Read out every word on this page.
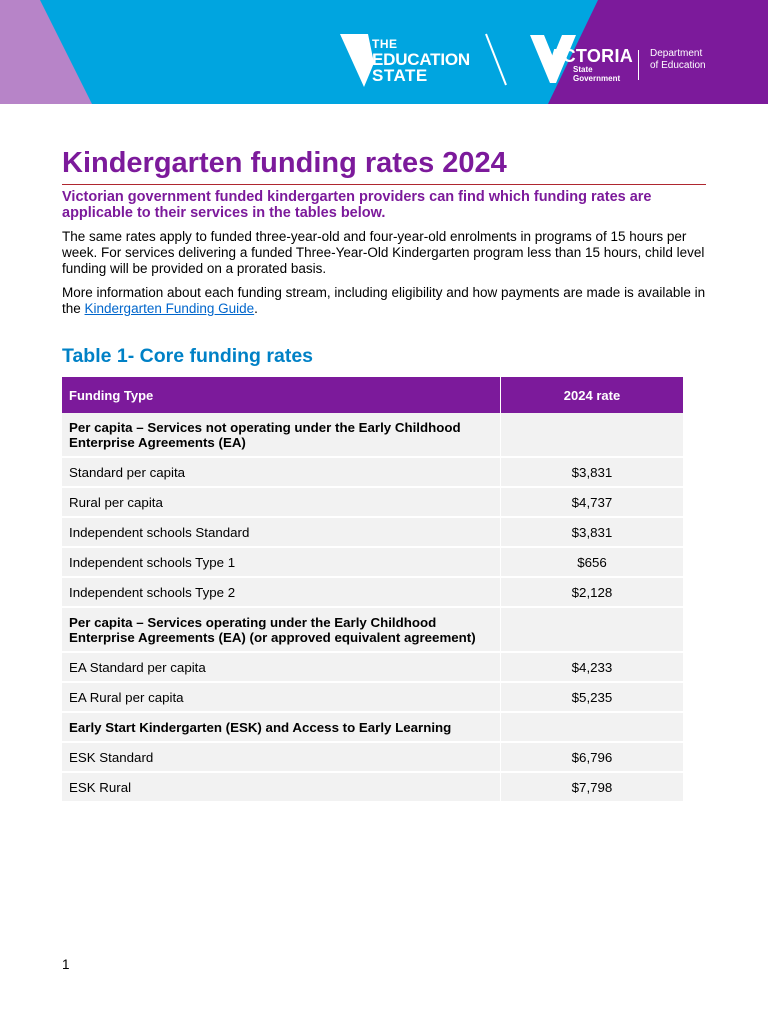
THE
EDUCATION
STATE
VICTORIA
State
Government
Department
of Education
Kindergarten funding rates 2024

Victorian government funded kindergarten providers can find which funding rates are applicable to their services in the tables below.

The same rates apply to funded three-year-old and four-year-old enrolments in programs of 15 hours per week. For services delivering a funded Three-Year-Old Kindergarten program less than 15 hours, child level funding will be provided on a prorated basis.

More information about each funding stream, including eligibility and how payments are made is available in the Kindergarten Funding Guide.

Table 1- Core funding rates
Funding Type	2024 rate
Per capita – Services not operating under the Early Childhood Enterprise Agreements (EA)	
Standard per capita	$3,831
Rural per capita	$4,737
Independent schools Standard	$3,831
Independent schools Type 1	$656
Independent schools Type 2	$2,128
Per capita – Services operating under the Early Childhood Enterprise Agreements (EA) (or approved equivalent agreement)	
EA Standard per capita	$4,233
EA Rural per capita	$5,235
Early Start Kindergarten (ESK) and Access to Early Learning	
ESK Standard	$6,796
ESK Rural	$7,798
1
